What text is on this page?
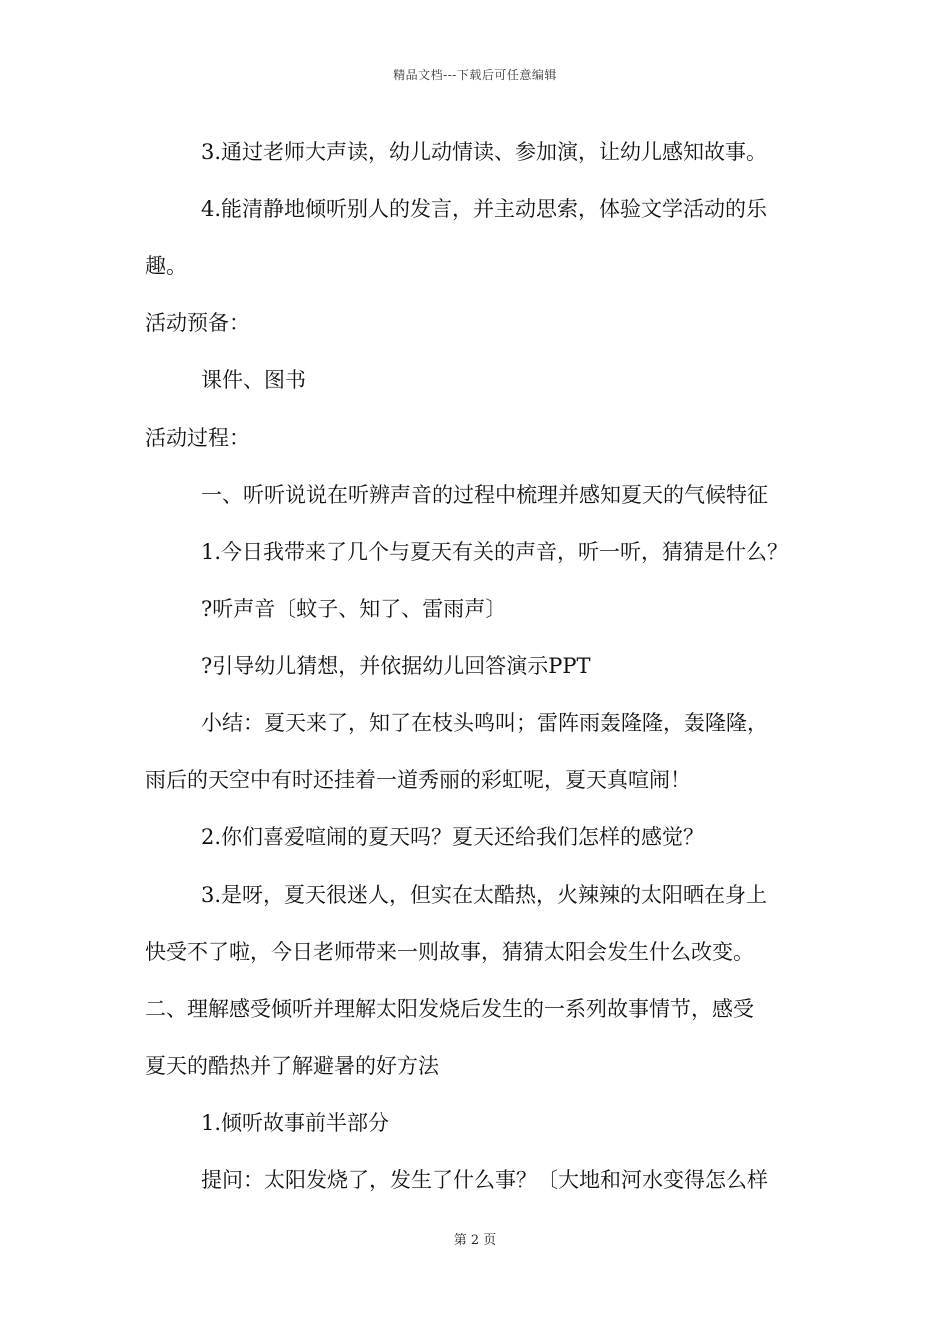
精品文档---下载后可任意编辑
3.通过老师大声读，幼儿动情读、参加演，让幼儿感知故事。
4.能清静地倾听别人的发言，并主动思索，体验文学活动的乐
趣。
活动预备：
课件、图书
活动过程：
一、听听说说在听辨声音的过程中梳理并感知夏天的气候特征
1.今日我带来了几个与夏天有关的声音，听一听，猜猜是什么？
?听声音〔蚊子、知了、雷雨声〕
?引导幼儿猜想，并依据幼儿回答演示PPT
小结：夏天来了，知了在枝头鸣叫；雷阵雨轰隆隆，轰隆隆，
雨后的天空中有时还挂着一道秀丽的彩虹呢，夏天真喧闹！
2.你们喜爱喧闹的夏天吗？夏天还给我们怎样的感觉？
3.是呀，夏天很迷人，但实在太酷热，火辣辣的太阳晒在身上
快受不了啦，今日老师带来一则故事，猜猜太阳会发生什么改变。
二、理解感受倾听并理解太阳发烧后发生的一系列故事情节，感受
夏天的酷热并了解避暑的好方法
1.倾听故事前半部分
提问：太阳发烧了，发生了什么事？〔大地和河水变得怎么样
第 2 页
